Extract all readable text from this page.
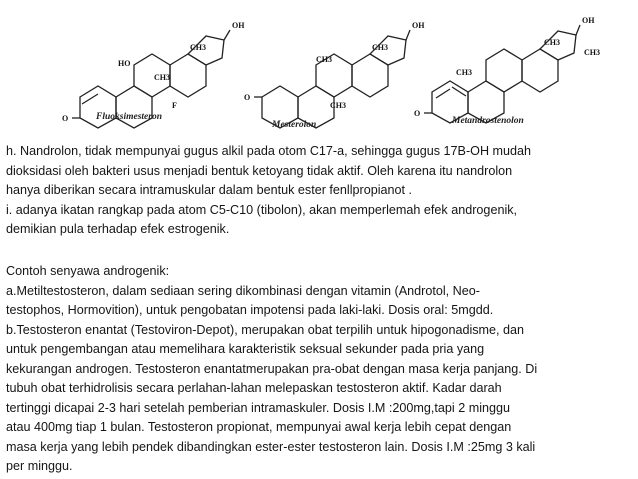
OH
CH3
HO
CH3
F
O
OH
CH3
CH3
O
CH3
OH
CH3
CH3
CH3
O
Fluoksimesteron
Mesterolon	Metandrostenolon
h. Nandrolon, tidak mempunyai gugus alkil pada otom C17-a, sehingga gugus 17B-OH mudah
dioksidasi oleh bakteri usus menjadi bentuk ketoyang tidak aktif. Oleh karena itu nandrolon
hanya diberikan secara intramuskular dalam bentuk ester fenllpropianot .
i. adanya ikatan rangkap pada atom C5-C10 (tibolon), akan memperlemah efek androgenik,
demikian pula terhadap efek estrogenik.
Contoh senyawa androgenik:
a.Metiltestosteron, dalam sediaan sering dikombinasi dengan vitamin (Androtol, Neo-
testophos, Hormovition), untuk pengobatan impotensi pada laki-laki. Dosis oral: 5mgdd.
b.Testosteron enantat (Testoviron-Depot), merupakan obat terpilih untuk hipogonadisme, dan
untuk pengembangan atau memelihara karakteristik seksual sekunder pada pria yang
kekurangan androgen. Testosteron enantatmerupakan pra-obat dengan masa kerja panjang. Di
tubuh obat terhidrolisis secara perlahan-lahan melepaskan testosteron aktif. Kadar darah
tertinggi dicapai 2-3 hari setelah pemberian intramaskuler. Dosis I.M :200mg,tapi 2 minggu
atau 400mg tiap 1 bulan. Testosteron propionat, mempunyai awal kerja lebih cepat dengan
masa kerja yang lebih pendek dibandingkan ester-ester testosteron lain. Dosis I.M :25mg 3 kali
per minggu.
